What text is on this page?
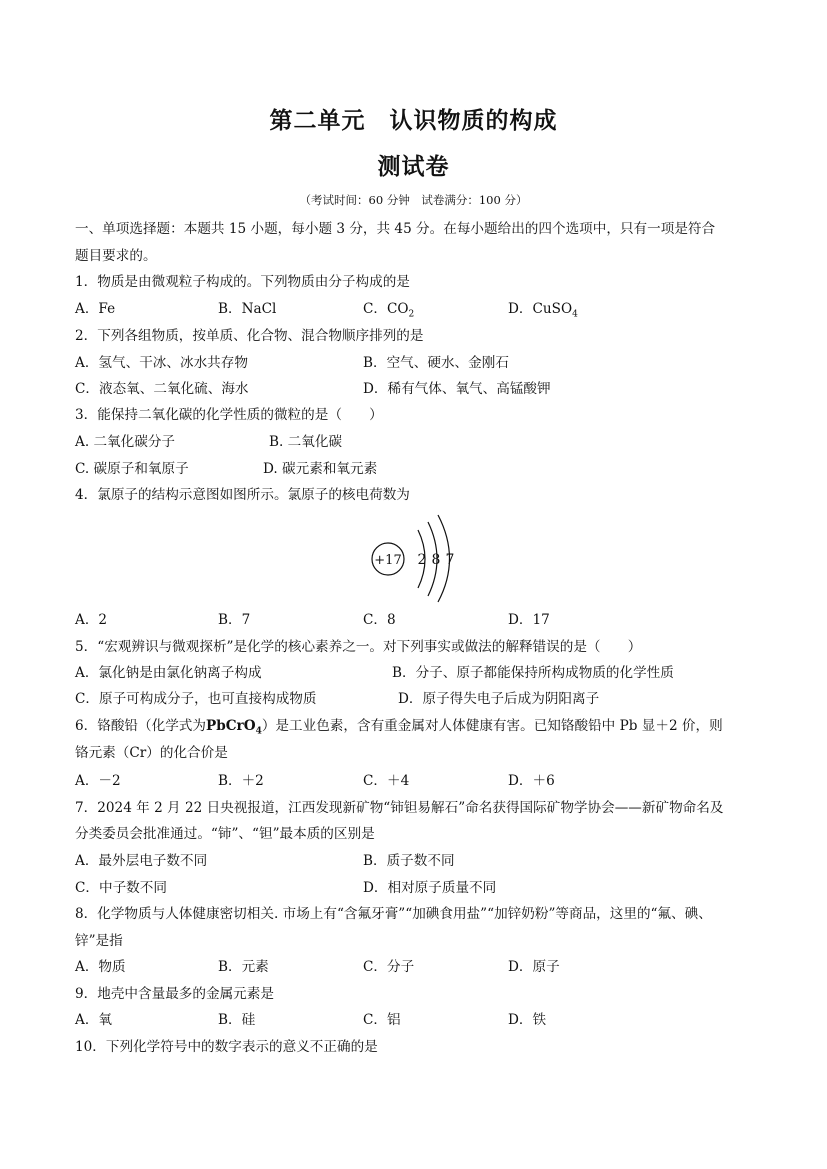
第二单元　认识物质的构成
测试卷
（考试时间：60 分钟　试卷满分：100 分）
一、单项选择题：本题共 15 小题，每小题 3 分，共 45 分。在每小题给出的四个选项中，只有一项是符合
题目要求的。
1．物质是由微观粒子构成的。下列物质由分子构成的是
A．Fe	B．NaCl	C．$CO_2$	D．CuSO$_4$
2．下列各组物质，按单质、化合物、混合物顺序排列的是
A．氢气、干冰、冰水共存物	B．空气、硬水、金刚石
C．液态氧、二氧化硫、海水	D．稀有气体、氧气、高锰酸钾
3．能保持二氧化碳的化学性质的微粒的是（　　）
A. 二氧化碳分子	B. 二氧化碳
C. 碳原子和氧原子	D. 碳元素和氧元素
4．氯原子的结构示意图如图所示。氯原子的核电荷数为
+17 2 8 7
A．2	B．7	C．8	D．17
5．“宏观辨识与微观探析”是化学的核心素养之一。对下列事实或做法的解释错误的是（　　）
A．氯化钠是由氯化钠离子构成	B．分子、原子都能保持所构成物质的化学性质
C．原子可构成分子，也可直接构成物质	D．原子得失电子后成为阴阳离子
6．铬酸铅（化学式为PbCrO$_4$）是工业色素，含有重金属对人体健康有害。已知铬酸铅中 Pb 显＋2 价，则
铬元素（Cr）的化合价是
A．－2	B．＋2	C．＋4	D．＋6
7．2024 年 2 月 22 日央视报道，江西发现新矿物“铈钽易解石”命名获得国际矿物学协会——新矿物命名及
分类委员会批准通过。“铈”、“钽”最本质的区别是
A．最外层电子数不同	B．质子数不同
C．中子数不同	D．相对原子质量不同
8．化学物质与人体健康密切相关. 市场上有“含氟牙膏”“加碘食用盐”“加锌奶粉”等商品，这里的“氟、碘、
锌”是指
A．物质	B．元素	C．分子	D．原子
9．地壳中含量最多的金属元素是
A．氧	B．硅	C．铝	D．铁
10．下列化学符号中的数字表示的意义不正确的是
